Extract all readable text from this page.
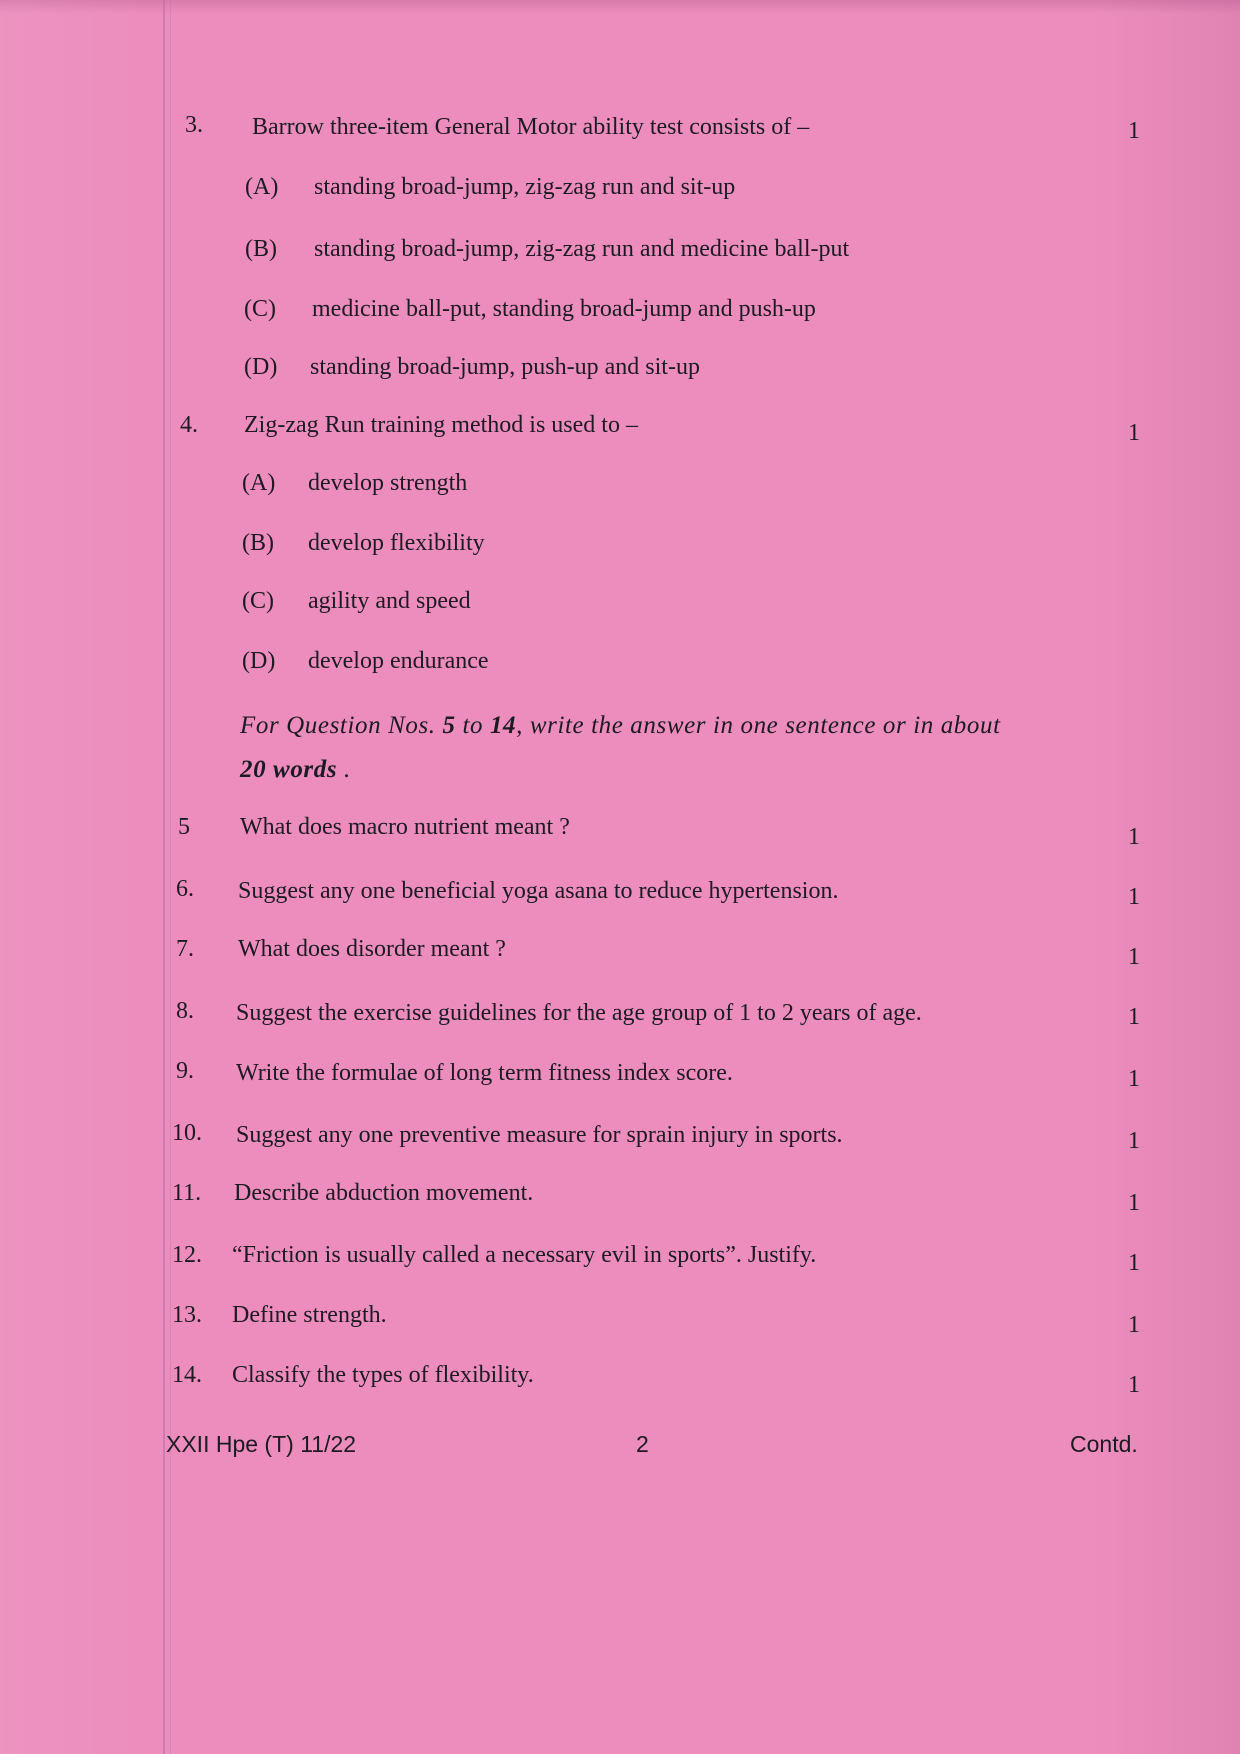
3. Barrow three-item General Motor ability test consists of –	1
(A) standing broad-jump, zig-zag run and sit-up
(B) standing broad-jump, zig-zag run and medicine ball-put
(C) medicine ball-put, standing broad-jump and push-up
(D) standing broad-jump, push-up and sit-up
4. Zig-zag Run training method is used to –	1
(A) develop strength
(B) develop flexibility
(C) agility and speed
(D) develop endurance
For Question Nos. 5 to 14, write the answer in one sentence or in about
20 words .
5 What does macro nutrient meant ?	1
6. Suggest any one beneficial yoga asana to reduce hypertension.	1
7. What does disorder meant ?	1
8. Suggest the exercise guidelines for the age group of 1 to 2 years of age.	1
9. Write the formulae of long term fitness index score.	1
10. Suggest any one preventive measure for sprain injury in sports.	1
11. Describe abduction movement.	1
12. “Friction is usually called a necessary evil in sports”. Justify.	1
13. Define strength.	1
14. Classify the types of flexibility.	1
XXII Hpe (T) 11/22	2	Contd.
